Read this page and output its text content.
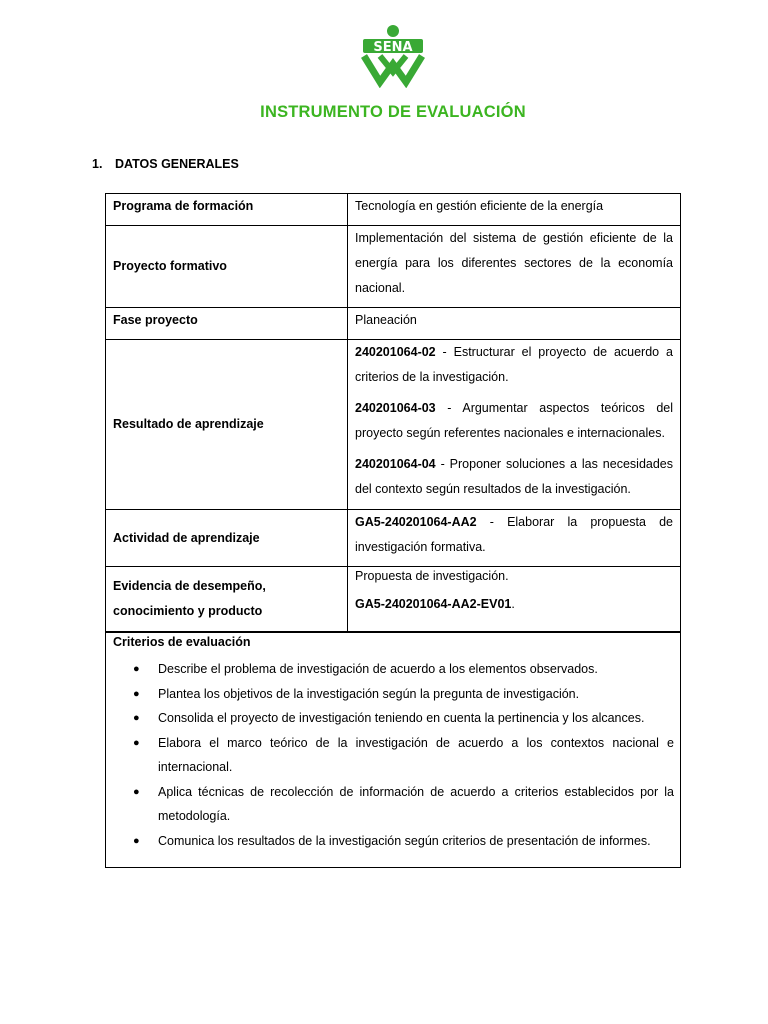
SENA
INSTRUMENTO DE EVALUACIÓN
1. DATOS GENERALES
Programa de formación	Tecnología en gestión eficiente de la energía
Proyecto formativo	Implementación del sistema de gestión eficiente de la energía para los diferentes sectores de la economía nacional.
Fase proyecto	Planeación
Resultado de aprendizaje	240201064-02 - Estructurar el proyecto de acuerdo a criterios de la investigación.

240201064-03 - Argumentar aspectos teóricos del proyecto según referentes nacionales e internacionales.

240201064-04 - Proponer soluciones a las necesidades del contexto según resultados de la investigación.

Actividad de aprendizaje	GA5-240201064-AA2 - Elaborar la propuesta de investigación formativa.
Evidencia de desempeño, conocimiento y producto	Propuesta de investigación.
GA5-240201064-AA2-EV01.
Criterios de evaluación
● Describe el problema de investigación de acuerdo a los elementos observados.
● Plantea los objetivos de la investigación según la pregunta de investigación.
● Consolida el proyecto de investigación teniendo en cuenta la pertinencia y los alcances.
● Elabora el marco teórico de la investigación de acuerdo a los contextos nacional e internacional.
● Aplica técnicas de recolección de información de acuerdo a criterios establecidos por la metodología.
● Comunica los resultados de la investigación según criterios de presentación de informes.
